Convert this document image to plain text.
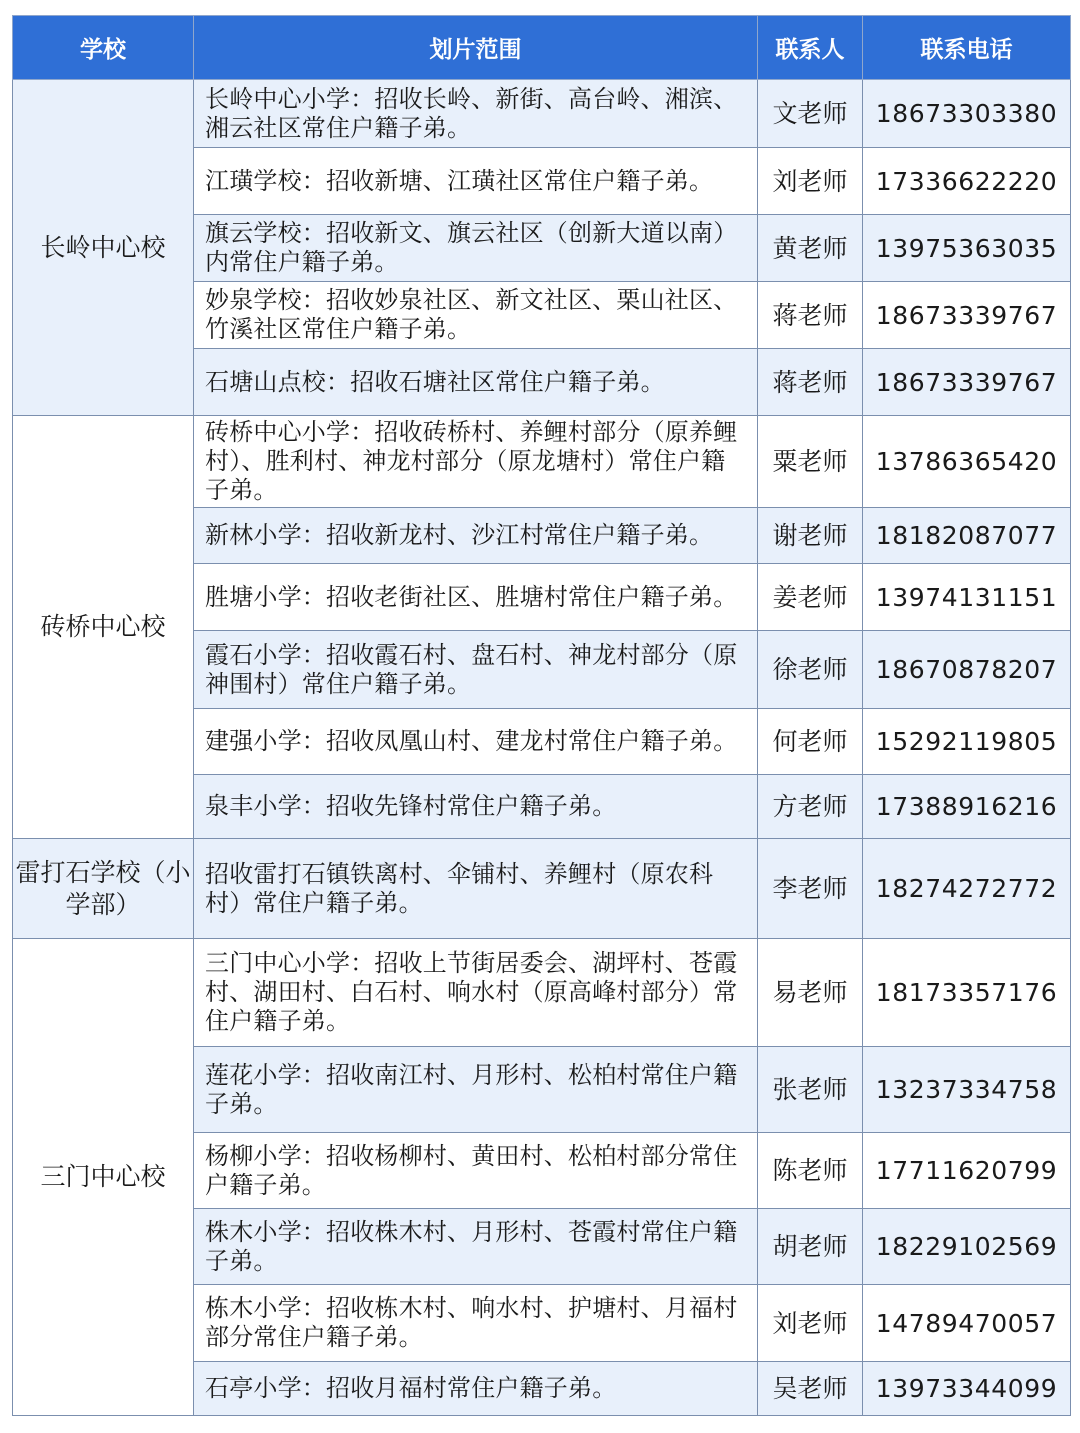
学校	划片范围	联系人	联系电话
长岭中心校	长岭中心小学：招收长岭、新街、高台岭、湘滨、湘云社区常住户籍子弟。	文老师	18673303380
	江璜学校：招收新塘、江璜社区常住户籍子弟。	刘老师	17336622220
	旗云学校：招收新文、旗云社区（创新大道以南）内常住户籍子弟。	黄老师	13975363035
	妙泉学校：招收妙泉社区、新文社区、栗山社区、竹溪社区常住户籍子弟。	蒋老师	18673339767
	石塘山点校：招收石塘社区常住户籍子弟。	蒋老师	18673339767
砖桥中心校	砖桥中心小学：招收砖桥村、养鲤村部分（原养鲤村）、胜利村、神龙村部分（原龙塘村）常住户籍子弟。	粟老师	13786365420
	新林小学：招收新龙村、沙江村常住户籍子弟。	谢老师	18182087077
	胜塘小学：招收老街社区、胜塘村常住户籍子弟。	姜老师	13974131151
	霞石小学：招收霞石村、盘石村、神龙村部分（原神围村）常住户籍子弟。	徐老师	18670878207
	建强小学：招收凤凰山村、建龙村常住户籍子弟。	何老师	15292119805
	泉丰小学：招收先锋村常住户籍子弟。	方老师	17388916216
雷打石学校（小学部）	招收雷打石镇铁离村、伞铺村、养鲤村（原农科村）常住户籍子弟。	李老师	18274272772
三门中心校	三门中心小学：招收上节街居委会、湖坪村、苍霞村、湖田村、白石村、响水村（原高峰村部分）常住户籍子弟。	易老师	18173357176
	莲花小学：招收南江村、月形村、松柏村常住户籍子弟。	张老师	13237334758
	杨柳小学：招收杨柳村、黄田村、松柏村部分常住户籍子弟。	陈老师	17711620799
	株木小学：招收株木村、月形村、苍霞村常住户籍子弟。	胡老师	18229102569
	栋木小学：招收栋木村、响水村、护塘村、月福村部分常住户籍子弟。	刘老师	14789470057
	石亭小学：招收月福村常住户籍子弟。	吴老师	13973344099
